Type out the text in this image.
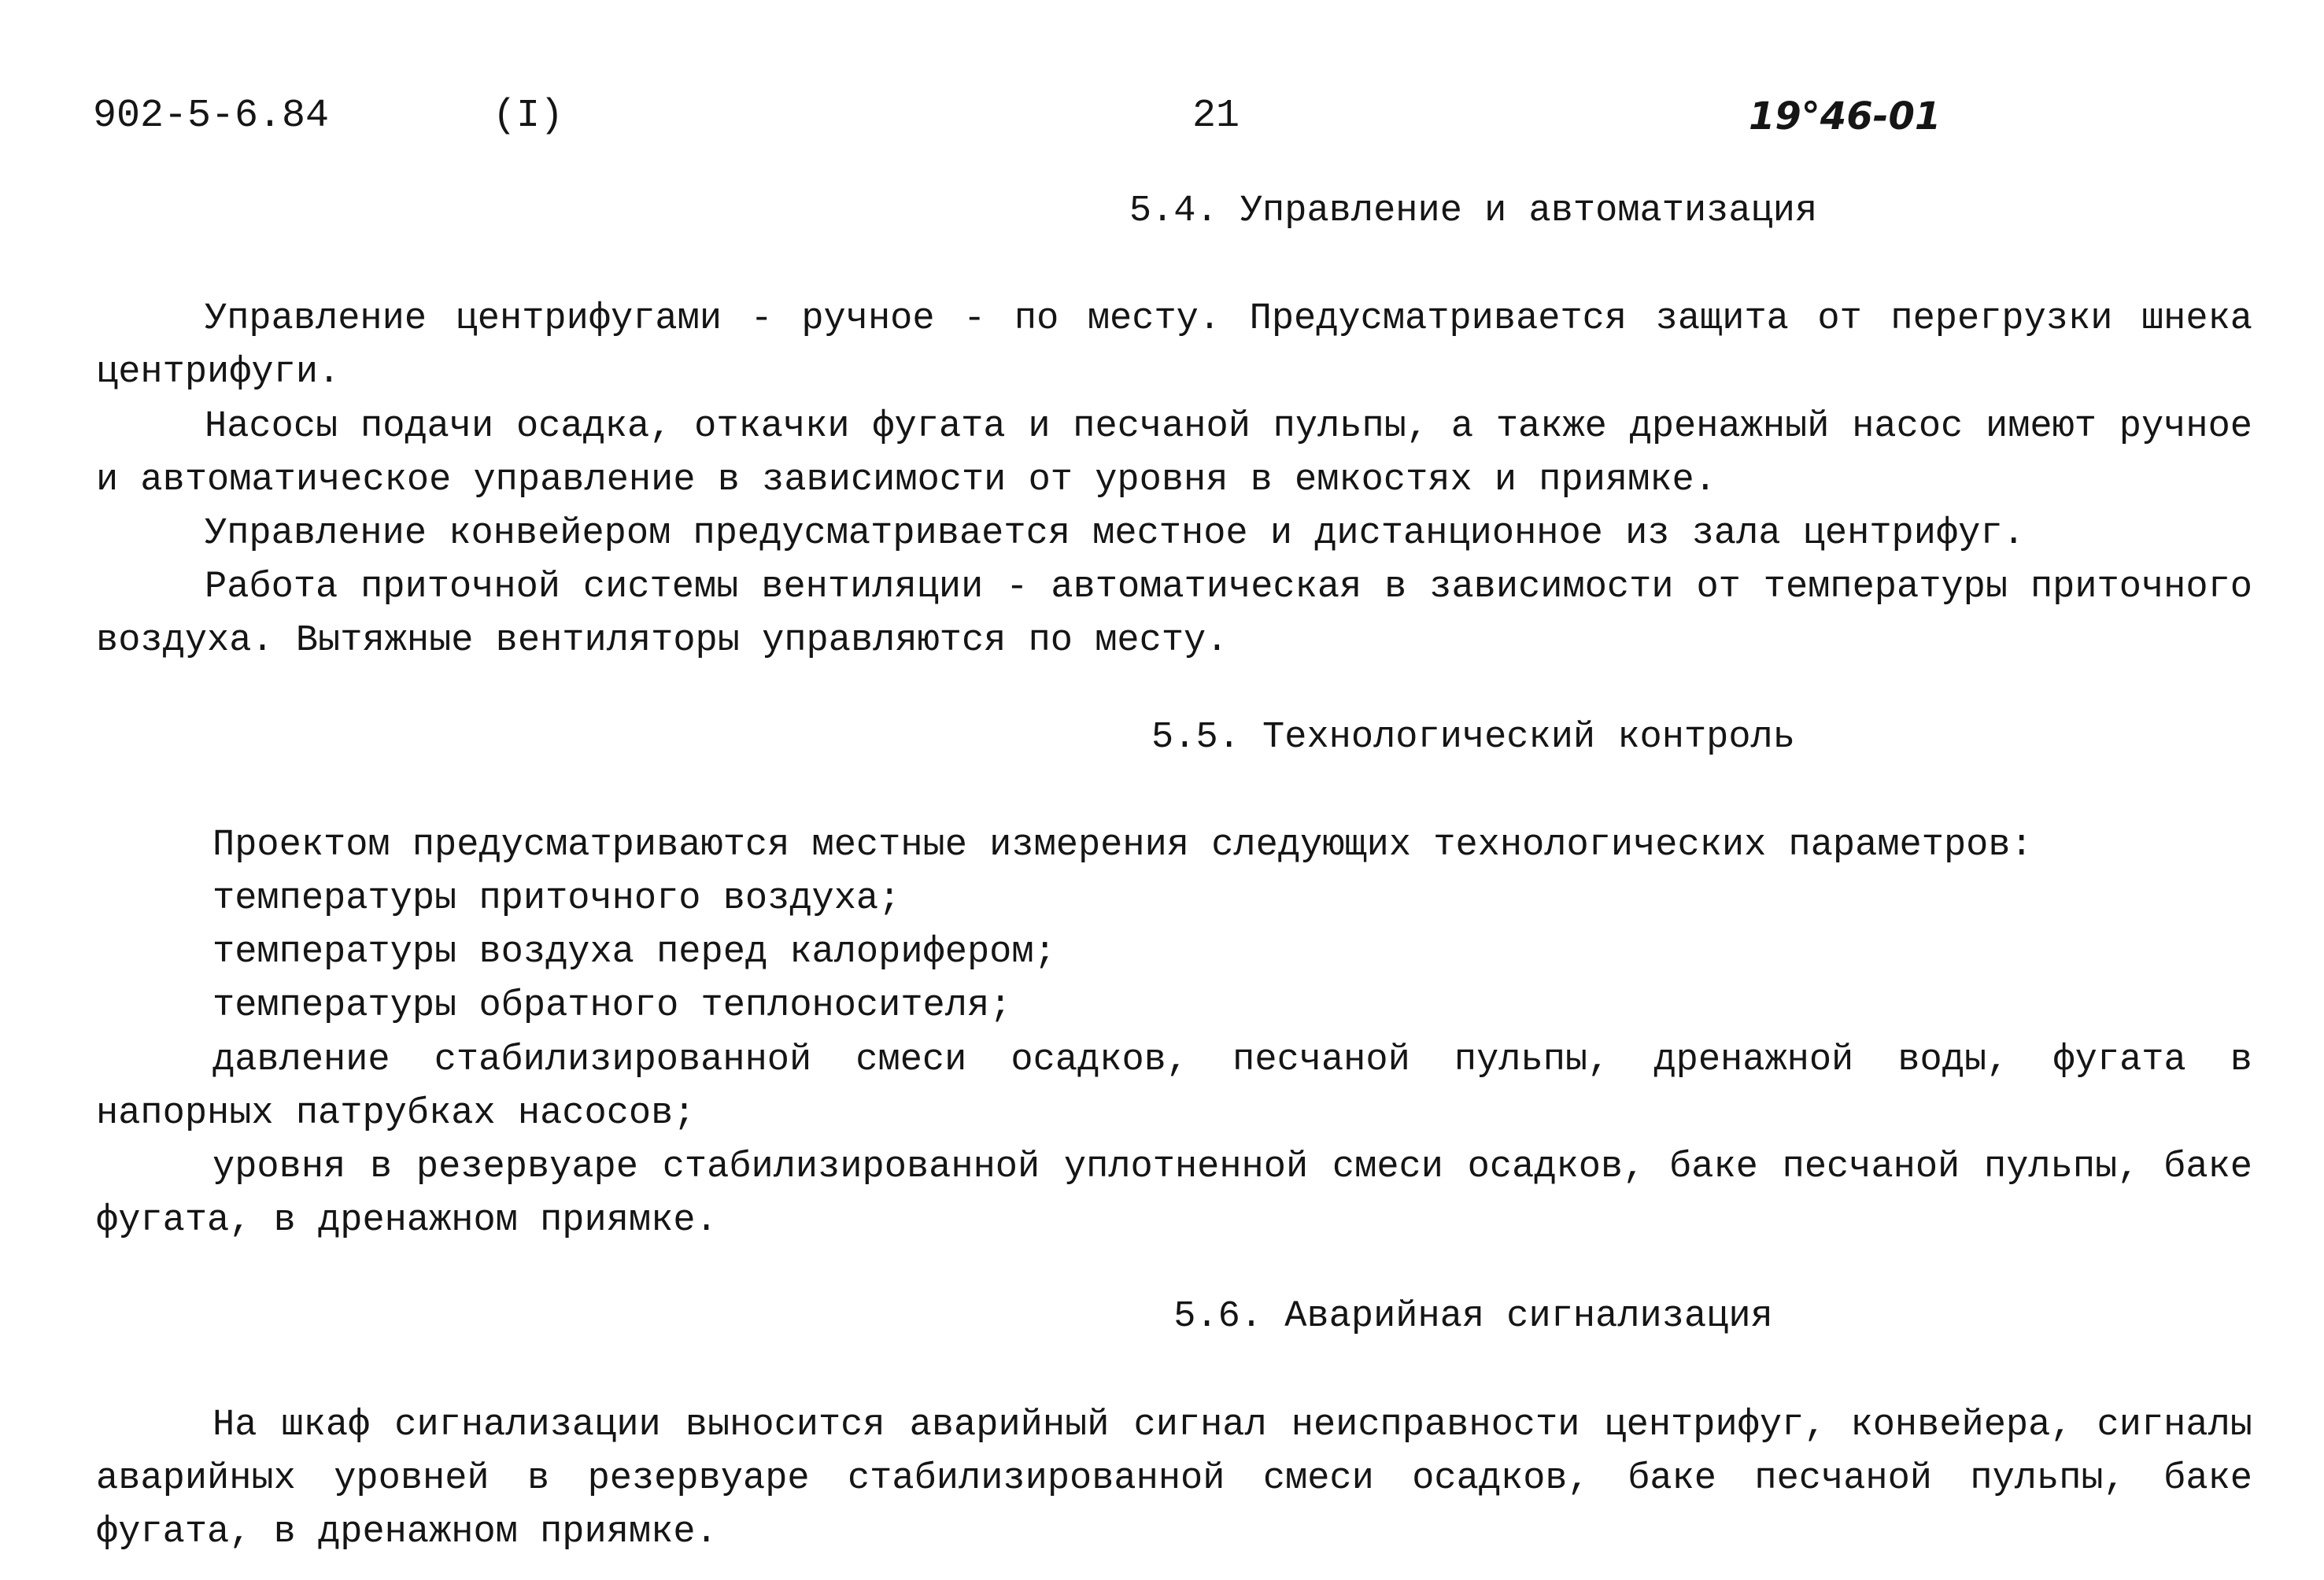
902-5-6.84	(I)	21	19°46-01
5.4. Управление и автоматизация

Управление центрифугами - ручное - по месту. Предусматривается защита от перегрузки шнека центрифуги.

Насосы подачи осадка, откачки фугата и песчаной пульпы, а также дренажный насос имеют ручное и автоматическое управление в зависимости от уровня в емкостях и приямке.

Управление конвейером предусматривается местное и дистанционное из зала центрифуг.

Работа приточной системы вентиляции - автоматическая в зависимости от температуры приточного воздуха. Вытяжные вентиляторы управляются по месту.

5.5. Технологический контроль

Проектом предусматриваются местные измерения следующих технологических параметров:

температуры приточного воздуха;

температуры воздуха перед калорифером;

температуры обратного теплоносителя;

давление стабилизированной смеси осадков, песчаной пульпы, дренажной воды, фугата в напорных патрубках насосов;

уровня в резервуаре стабилизированной уплотненной смеси осадков, баке песчаной пульпы, баке фугата, в дренажном приямке.

5.6. Аварийная сигнализация

На шкаф сигнализации выносится аварийный сигнал неисправности центрифуг, конвейера, сигналы аварийных уровней в резервуаре стабилизированной смеси осадков, баке песчаной пульпы, баке фугата, в дренажном приямке.
